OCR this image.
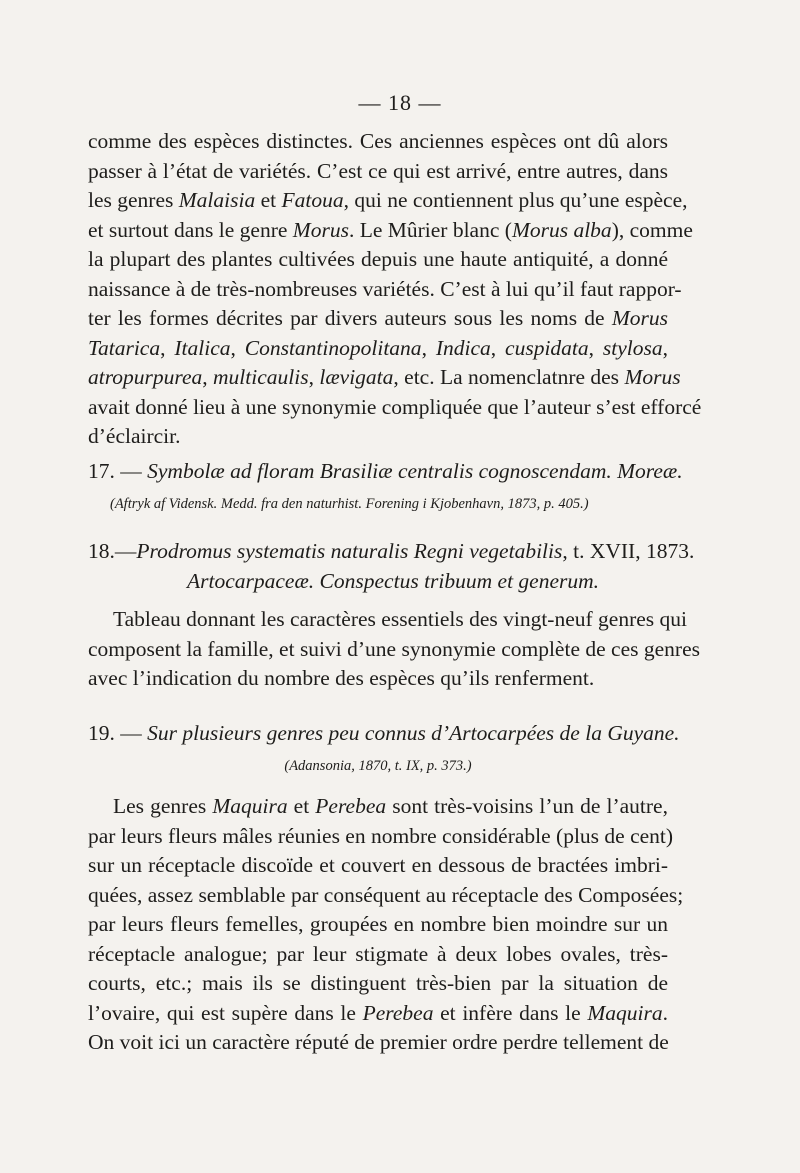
— 18 —
comme des espèces distinctes. Ces anciennes espèces ont dû alors
passer à l’état de variétés. C’est ce qui est arrivé, entre autres, dans
les genres Malaisia et Fatoua, qui ne contiennent plus qu’une espèce,
et surtout dans le genre Morus. Le Mûrier blanc (Morus alba), comme
la plupart des plantes cultivées depuis une haute antiquité, a donné
naissance à de très-nombreuses variétés. C’est à lui qu’il faut rappor-
ter les formes décrites par divers auteurs sous les noms de Morus
Tatarica, Italica, Constantinopolitana, Indica, cuspidata, stylosa,
atropurpurea, multicaulis, lævigata, etc. La nomenclatnre des Morus
avait donné lieu à une synonymie compliquée que l’auteur s’est efforcé
d’éclaircir.
17. — Symbolæ ad floram Brasiliæ centralis cognoscendam. Moreæ.
(Aftryk af Vidensk. Medd. fra den naturhist. Forening i Kjobenhavn, 1873, p. 405.)
18.—Prodromus systematis naturalis Regni vegetabilis, t. XVII, 1873.
Artocarpaceæ. Conspectus tribuum et generum.
Tableau donnant les caractères essentiels des vingt-neuf genres qui
composent la famille, et suivi d’une synonymie complète de ces genres
avec l’indication du nombre des espèces qu’ils renferment.
19. — Sur plusieurs genres peu connus d’Artocarpées de la Guyane.
(Adansonia, 1870, t. IX, p. 373.)
Les genres Maquira et Perebea sont très-voisins l’un de l’autre,
par leurs fleurs mâles réunies en nombre considérable (plus de cent)
sur un réceptacle discoïde et couvert en dessous de bractées imbri-
quées, assez semblable par conséquent au réceptacle des Composées;
par leurs fleurs femelles, groupées en nombre bien moindre sur un
réceptacle analogue; par leur stigmate à deux lobes ovales, très-
courts, etc.; mais ils se distinguent très-bien par la situation de
l’ovaire, qui est supère dans le Perebea et infère dans le Maquira.
On voit ici un caractère réputé de premier ordre perdre tellement de
